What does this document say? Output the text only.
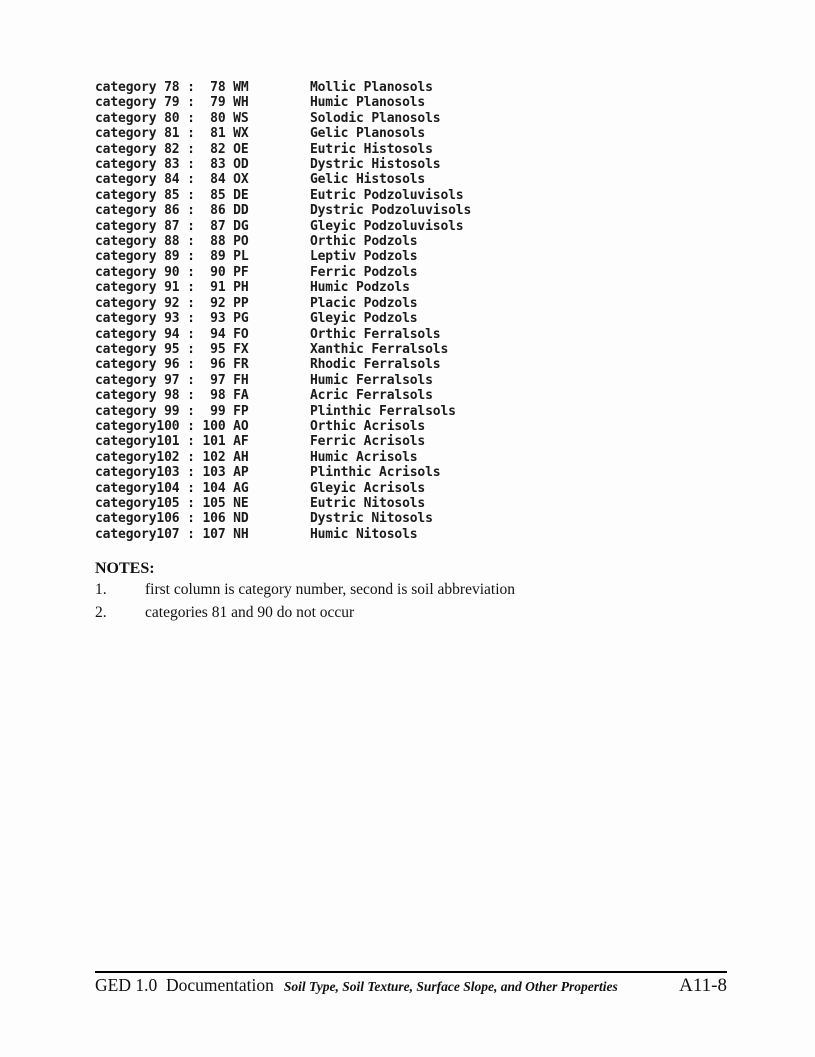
category 78 :  78 WM        Mollic Planosols
category 79 :  79 WH        Humic Planosols
category 80 :  80 WS        Solodic Planosols
category 81 :  81 WX        Gelic Planosols
category 82 :  82 OE        Eutric Histosols
category 83 :  83 OD        Dystric Histosols
category 84 :  84 OX        Gelic Histosols
category 85 :  85 DE        Eutric Podzoluvisols
category 86 :  86 DD        Dystric Podzoluvisols
category 87 :  87 DG        Gleyic Podzoluvisols
category 88 :  88 PO        Orthic Podzols
category 89 :  89 PL        Leptiv Podzols
category 90 :  90 PF        Ferric Podzols
category 91 :  91 PH        Humic Podzols
category 92 :  92 PP        Placic Podzols
category 93 :  93 PG        Gleyic Podzols
category 94 :  94 FO        Orthic Ferralsols
category 95 :  95 FX        Xanthic Ferralsols
category 96 :  96 FR        Rhodic Ferralsols
category 97 :  97 FH        Humic Ferralsols
category 98 :  98 FA        Acric Ferralsols
category 99 :  99 FP        Plinthic Ferralsols
category100 : 100 AO        Orthic Acrisols
category101 : 101 AF        Ferric Acrisols
category102 : 102 AH        Humic Acrisols
category103 : 103 AP        Plinthic Acrisols
category104 : 104 AG        Gleyic Acrisols
category105 : 105 NE        Eutric Nitosols
category106 : 106 ND        Dystric Nitosols
category107 : 107 NH        Humic Nitosols
NOTES:
1.	first column is category number, second is soil abbreviation
2.	categories 81 and 90 do not occur
GED 1.0  Documentation Soil Type, Soil Texture, Surface Slope, and Other Properties	A11-8
